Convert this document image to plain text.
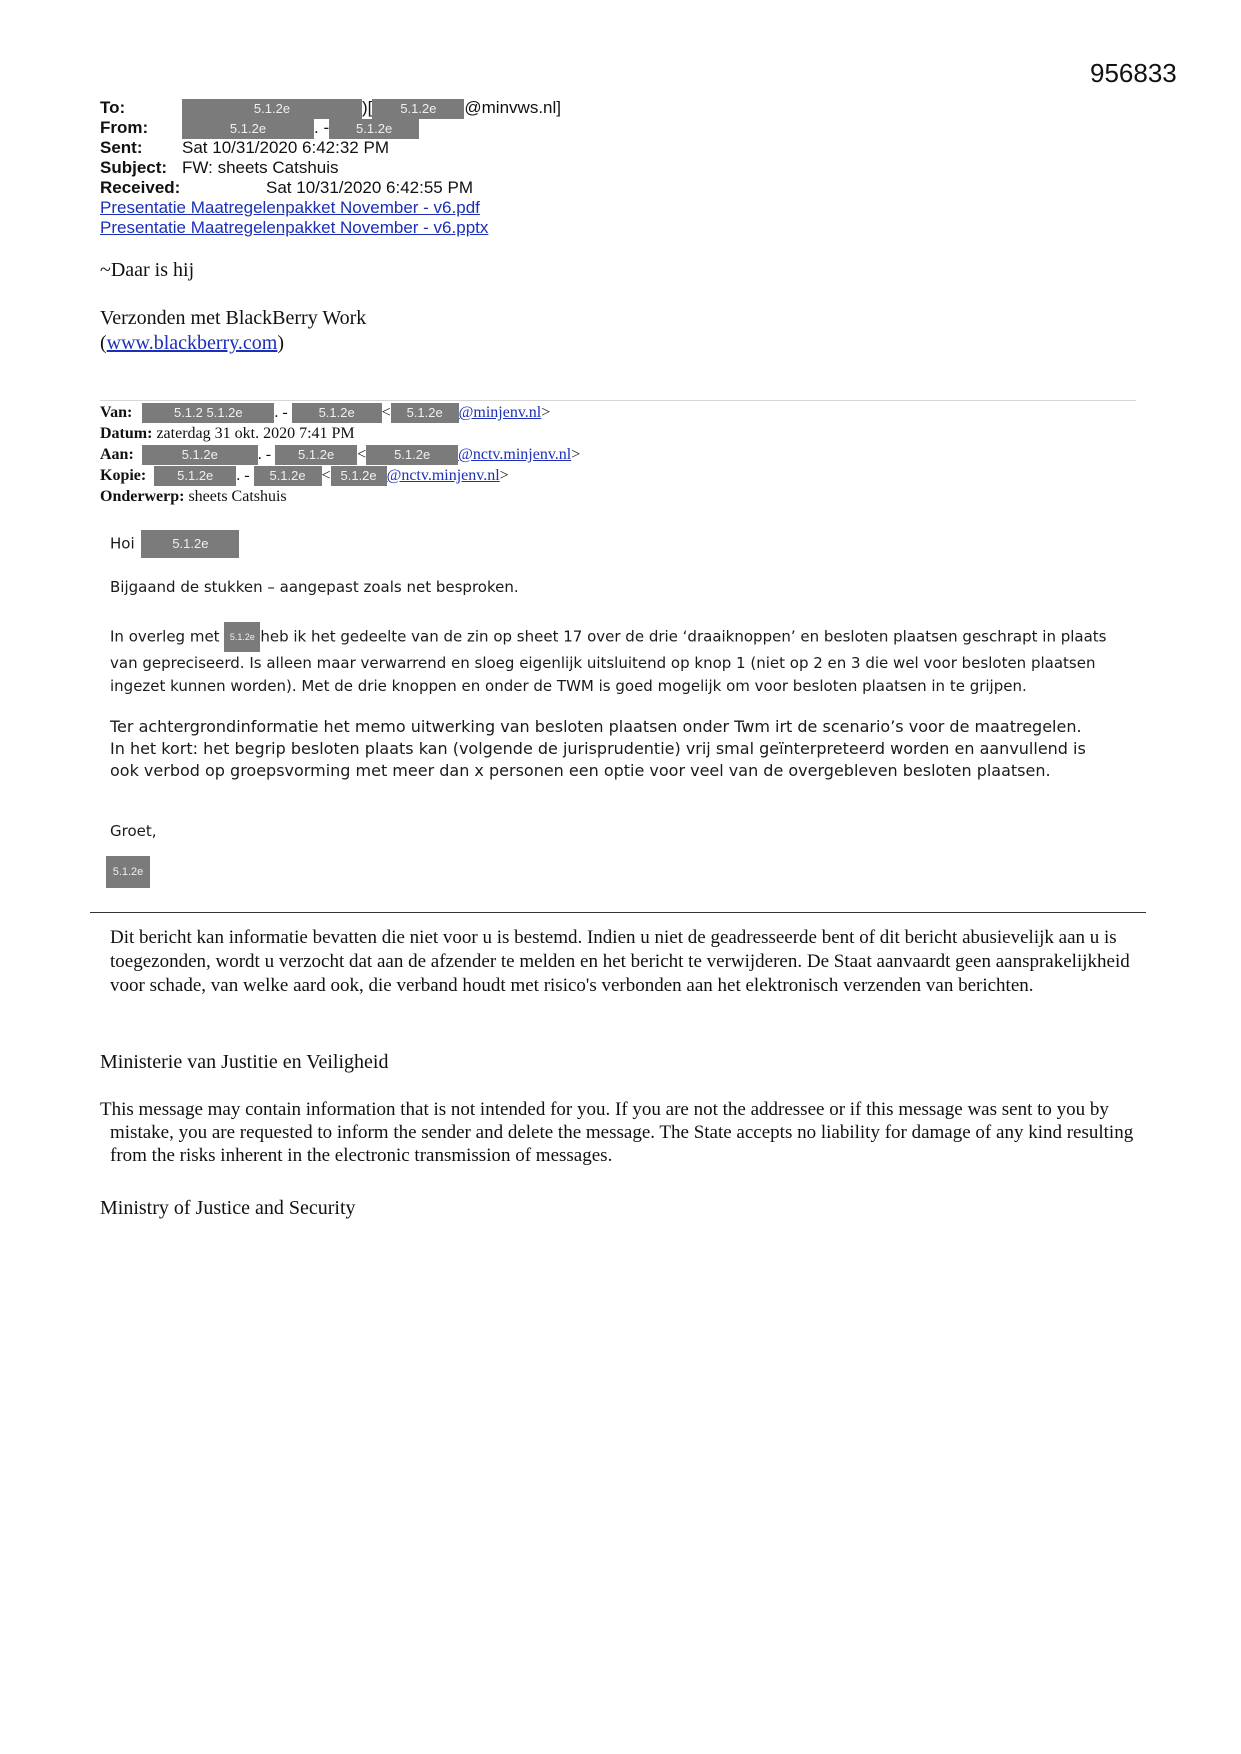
956833
To:	5.1.2e	)[ 5.1.2e @minvws.nl]
From:	5.1.2e	. - 5.1.2e
Sent: Sat 10/31/2020 6:42:32 PM
Subject: FW: sheets Catshuis
Received:	Sat 10/31/2020 6:42:55 PM
Presentatie Maatregelenpakket November - v6.pdf
Presentatie Maatregelenpakket November - v6.pptx
~Daar is hij
Verzonden met BlackBerry Work
(www.blackberry.com)
Van:	5.1.2 5.1.2e . - 5.1.2e < 5.1.2e @minjenv.nl>
Datum: zaterdag 31 okt. 2020 7:41 PM
Aan:	5.1.2e . - 5.1.2e < 5.1.2e @nctv.minjenv.nl>
Kopie: 5.1.2e . - 5.1.2e < 5.1.2e @nctv.minjenv.nl>
Onderwerp: sheets Catshuis

Hoi	5.1.2e

Bijgaand de stukken – aangepast zoals net besproken.

In overleg met 5.1.2e heb ik het gedeelte van de zin op sheet 17 over de drie ‘draaiknoppen’ en besloten plaatsen geschrapt in plaats van gepreciseerd. Is alleen maar verwarrend en sloeg eigenlijk uitsluitend op knop 1 (niet op 2 en 3 die wel voor besloten plaatsen ingezet kunnen worden). Met de drie knoppen en onder de TWM is goed mogelijk om voor besloten plaatsen in te grijpen.

Ter achtergrondinformatie het memo uitwerking van besloten plaatsen onder Twm irt de scenario’s voor de maatregelen. In het kort: het begrip besloten plaats kan (volgende de jurisprudentie) vrij smal geïnterpreteerd worden en aanvullend is ook verbod op groepsvorming met meer dan x personen een optie voor veel van de overgebleven besloten plaatsen.

Groet,

5.1.2e

Dit bericht kan informatie bevatten die niet voor u is bestemd. Indien u niet de geadresseerde bent of dit bericht abusievelijk aan u is toegezonden, wordt u verzocht dat aan de afzender te melden en het bericht te verwijderen. De Staat aanvaardt geen aansprakelijkheid voor schade, van welke aard ook, die verband houdt met risico's verbonden aan het elektronisch verzenden van berichten.
Ministerie van Justitie en Veiligheid
This message may contain information that is not intended for you. If you are not the addressee or if this message was sent to you by mistake, you are requested to inform the sender and delete the message. The State accepts no liability for damage of any kind resulting from the risks inherent in the electronic transmission of messages.
Ministry of Justice and Security
